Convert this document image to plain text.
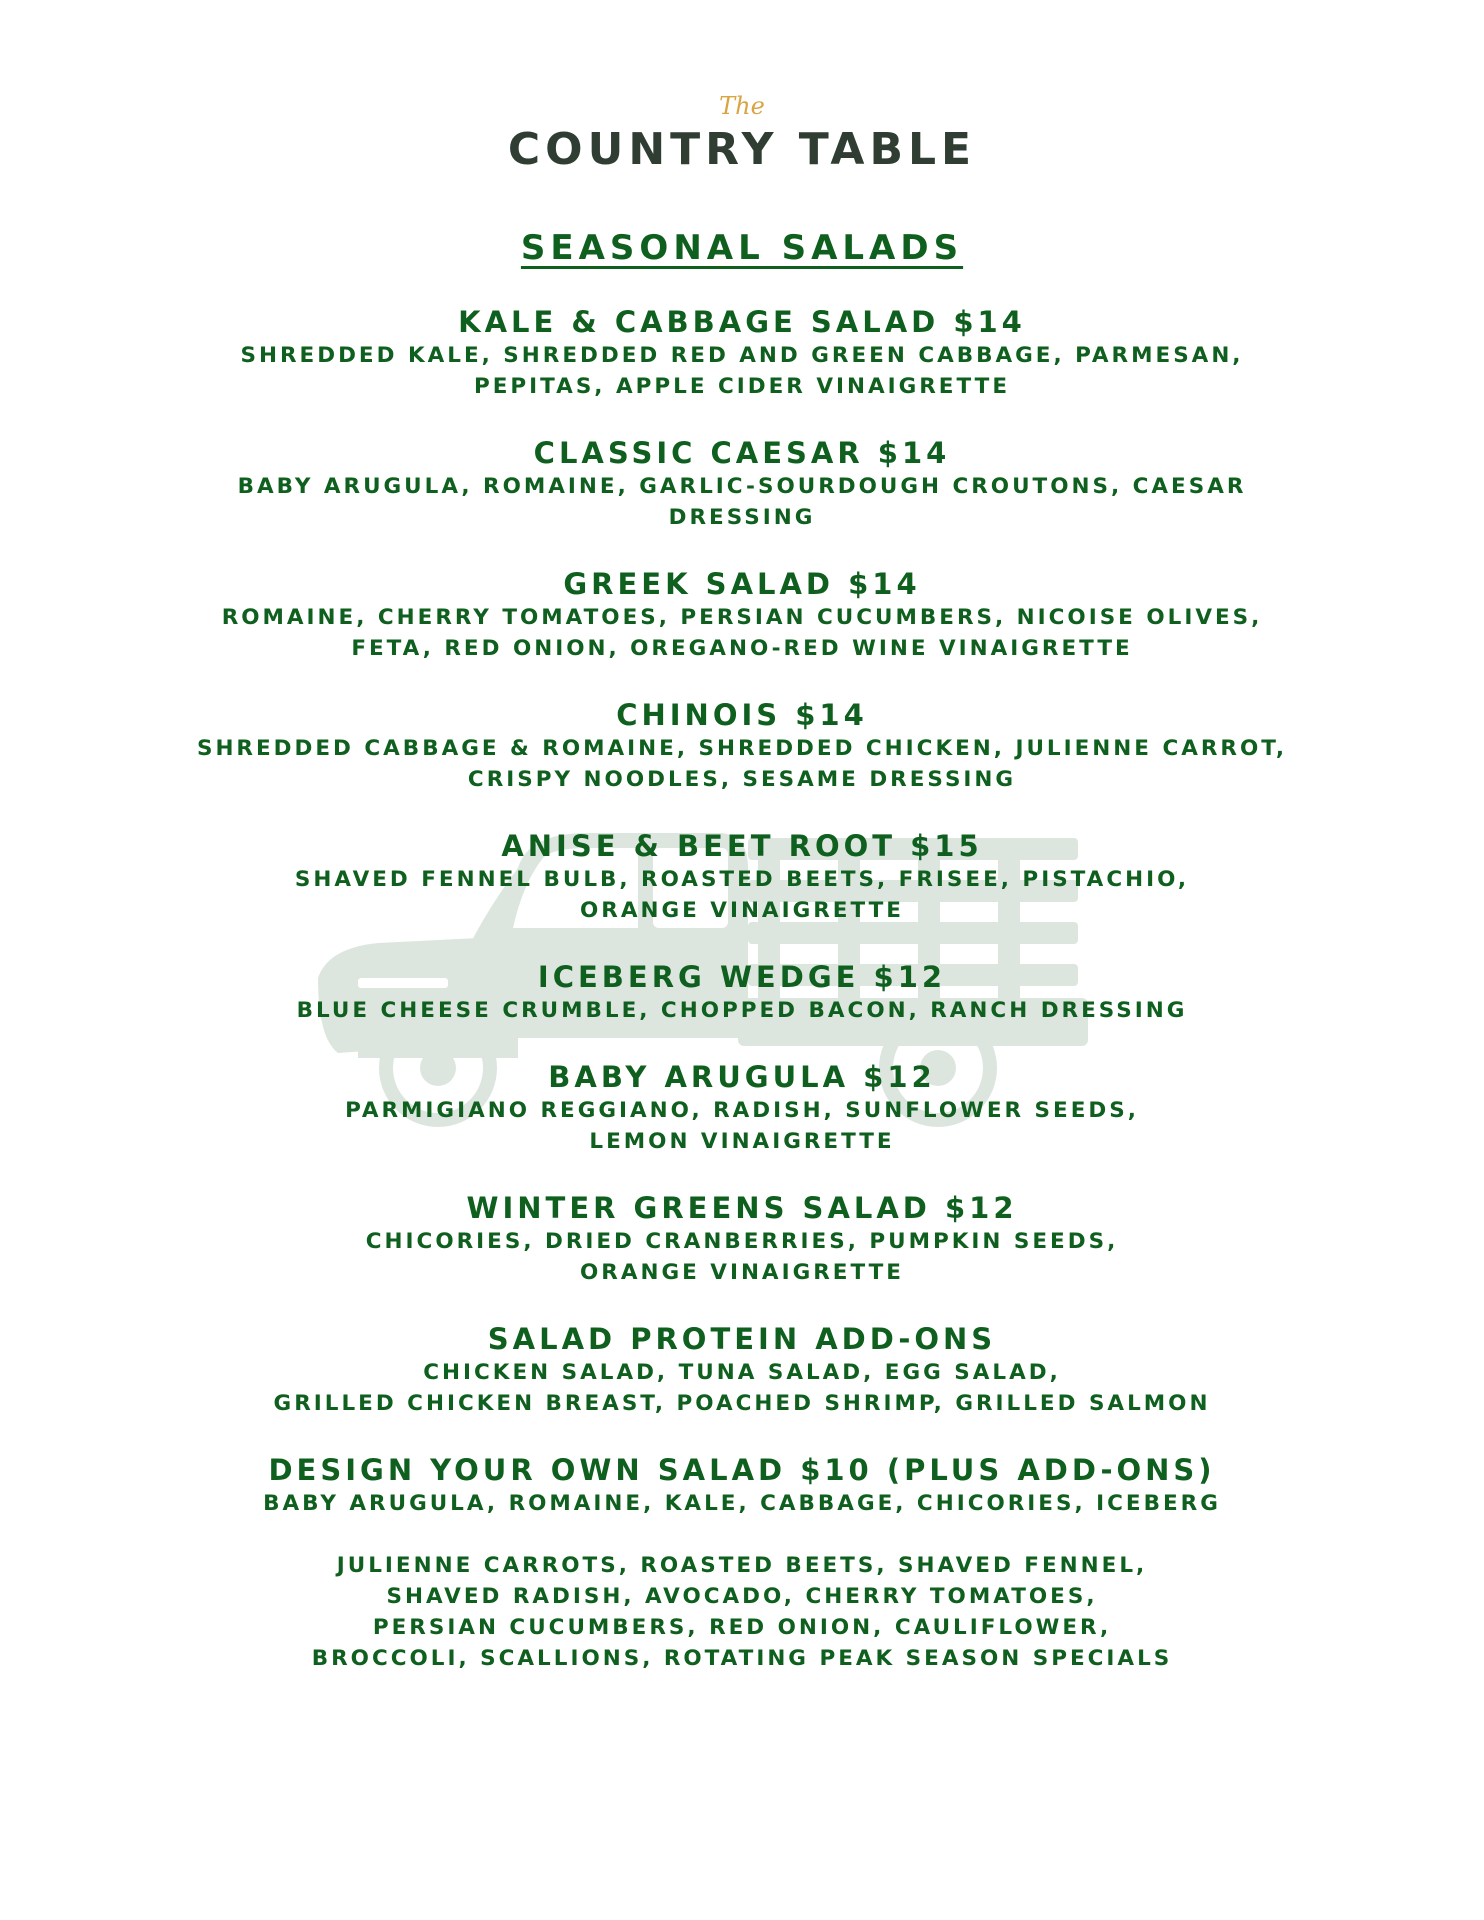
The
COUNTRY TABLE
SEASONAL SALADS
KALE & CABBAGE SALAD $14
SHREDDED KALE, SHREDDED RED AND GREEN CABBAGE, PARMESAN,
PEPITAS, APPLE CIDER VINAIGRETTE
CLASSIC CAESAR $14
BABY ARUGULA, ROMAINE, GARLIC-SOURDOUGH CROUTONS, CAESAR
DRESSING
GREEK SALAD $14
ROMAINE, CHERRY TOMATOES, PERSIAN CUCUMBERS, NICOISE OLIVES,
FETA, RED ONION, OREGANO-RED WINE VINAIGRETTE
CHINOIS $14
SHREDDED CABBAGE & ROMAINE, SHREDDED CHICKEN, JULIENNE CARROT,
CRISPY NOODLES, SESAME DRESSING
ANISE & BEET ROOT $15
SHAVED FENNEL BULB, ROASTED BEETS, FRISEE, PISTACHIO,
ORANGE VINAIGRETTE
ICEBERG WEDGE $12
BLUE CHEESE CRUMBLE, CHOPPED BACON, RANCH DRESSING
BABY ARUGULA $12
PARMIGIANO REGGIANO, RADISH, SUNFLOWER SEEDS,
LEMON VINAIGRETTE
WINTER GREENS SALAD $12
CHICORIES, DRIED CRANBERRIES, PUMPKIN SEEDS,
ORANGE VINAIGRETTE
SALAD PROTEIN ADD-ONS
CHICKEN SALAD, TUNA SALAD, EGG SALAD,
GRILLED CHICKEN BREAST, POACHED SHRIMP, GRILLED SALMON
DESIGN YOUR OWN SALAD $10 (PLUS ADD-ONS)
BABY ARUGULA, ROMAINE, KALE, CABBAGE, CHICORIES, ICEBERG
JULIENNE CARROTS, ROASTED BEETS, SHAVED FENNEL,
SHAVED RADISH, AVOCADO, CHERRY TOMATOES,
PERSIAN CUCUMBERS, RED ONION, CAULIFLOWER,
BROCCOLI, SCALLIONS, ROTATING PEAK SEASON SPECIALS
